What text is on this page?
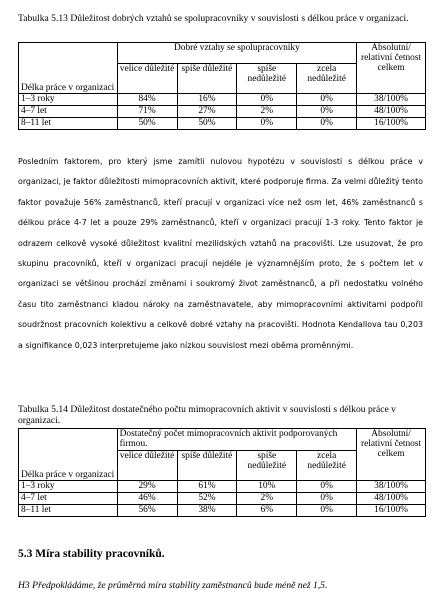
Tabulka 5.13 Důležitost dobrých vztahů se spolupracovníky v souvislosti s délkou práce v organizaci.
	Dobré vztahy se spolupracovníky				Absolutní/ relativní četnost celkem
Délka práce v organizaci	velice důležité	spíše důležité	spíše nedůležité	zcela nedůležité	
1–3 roky	84%	16%	0%	0%	38/100%
4–7 let	71%	27%	2%	0%	48/100%
8–11 let	50%	50%	0%	0%	16/100%

Posledním faktorem, pro který jsme zamítli nulovou hypotézu v souvislosti s délkou práce v organizaci, je faktor důležitosti mimopracovních aktivit, které podporuje firma. Za velmi důležitý tento faktor považuje 56% zaměstnanců, kteří pracují v organizaci více než osm let, 46% zaměstnanců s délkou práce 4-7 let a pouze 29% zaměstnanců, kteří v organizaci pracují 1-3 roky. Tento faktor je odrazem celkově vysoké důležitost kvalitní mezilidských vztahů na pracovišti. Lze usuzovat, že pro skupinu pracovníků, kteří v organizaci pracují nejdéle je významnějším proto, že s počtem let v organizaci se většinou prochází změnami i soukromý život zaměstnanců, a při nedostatku volného času tito zaměstnanci kladou nároky na zaměstnavatele, aby mimopracovními aktivitami podpořil soudržnost pracovních kolektivu a celkově dobré vztahy na pracovišti. Hodnota Kendallova tau 0,203 a signifikance 0,023 interpretujeme jako nízkou souvislost mezi oběma proměnnými.

Tabulka 5.14 Důležitost dostatečného počtu mimopracovních aktivit v souvislosti s délkou práce v organizaci.
	Dostatečný počet mimopracovních aktivit podporovaných firmou.				Absolutní/ relativní četnost celkem
Délka práce v organizaci	velice důležité	spíše důležité	spíše nedůležité	zcela nedůležité	
1–3 roky	29%	61%	10%	0%	38/100%
4–7 let	46%	52%	2%	0%	48/100%
8–11 let	56%	38%	6%	0%	16/100%
5.3 Míra stability pracovníků.
H3 Předpokládáme, že průměrná míra stability zaměstnanců bude méně než 1,5.
